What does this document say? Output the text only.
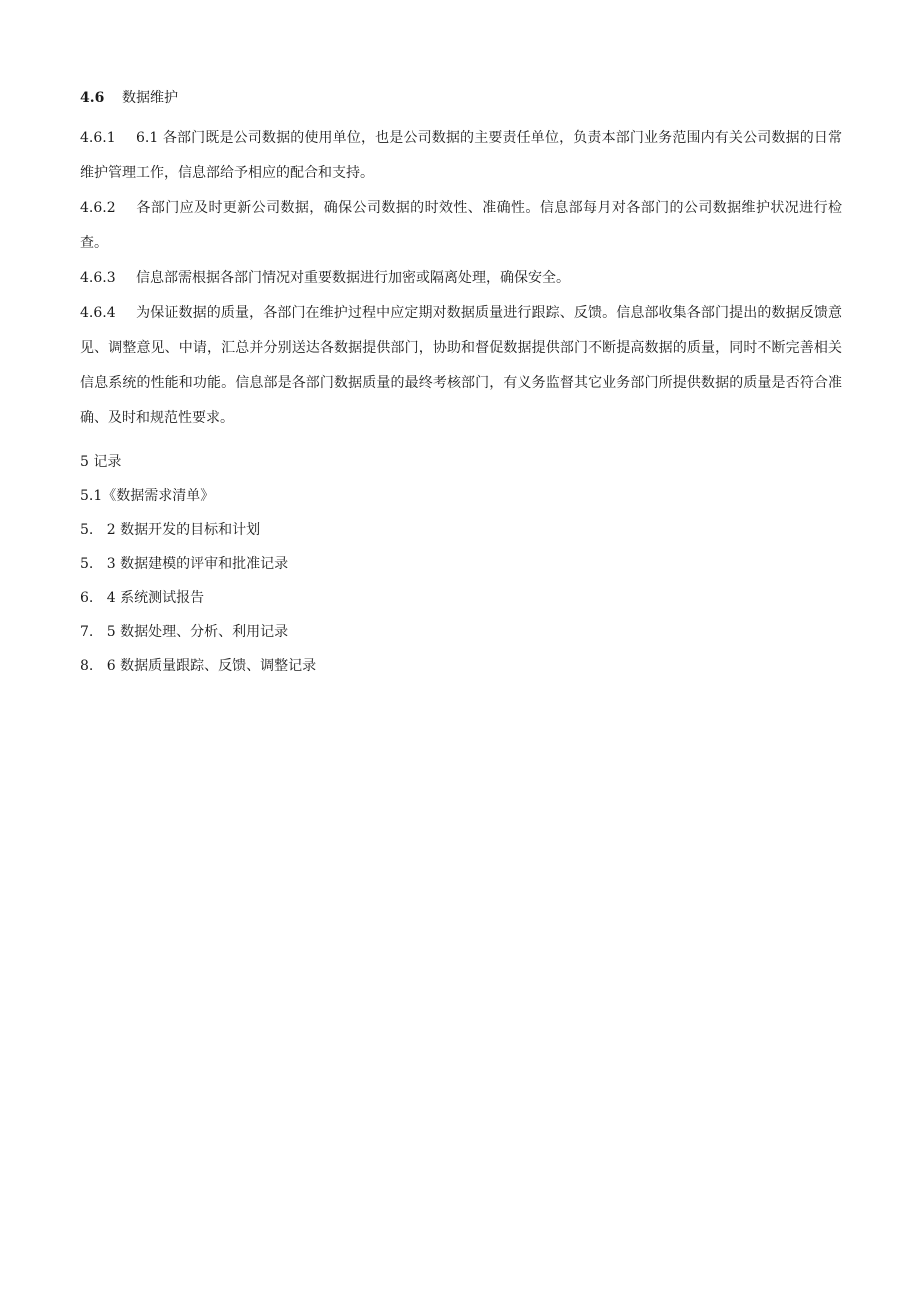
4.6	数据维护
4.6.1 6.1 各部门既是公司数据的使用单位，也是公司数据的主要责任单位，负责本部门业务范围内有关公司数据的日常维护管理工作，信息部给予相应的配合和支持。
4.6.2 各部门应及时更新公司数据，确保公司数据的时效性、准确性。信息部每月对各部门的公司数据维护状况进行检查。
4.6.3 信息部需根据各部门情况对重要数据进行加密或隔离处理，确保安全。
4.6.4 为保证数据的质量，各部门在维护过程中应定期对数据质量进行跟踪、反馈。信息部收集各部门提出的数据反馈意见、调整意见、中请，汇总并分别送达各数据提供部门，协助和督促数据提供部门不断提高数据的质量，同时不断完善相关信息系统的性能和功能。信息部是各部门数据质量的最终考核部门，有义务监督其它业务部门所提供数据的质量是否符合准确、及时和规范性要求。
5 记录
5.1《数据需求清单》
5.   2 数据开发的目标和计划
5.   3 数据建模的评审和批准记录
6.   4 系统测试报告
7.   5 数据处理、分析、利用记录
8.   6 数据质量跟踪、反馈、调整记录
